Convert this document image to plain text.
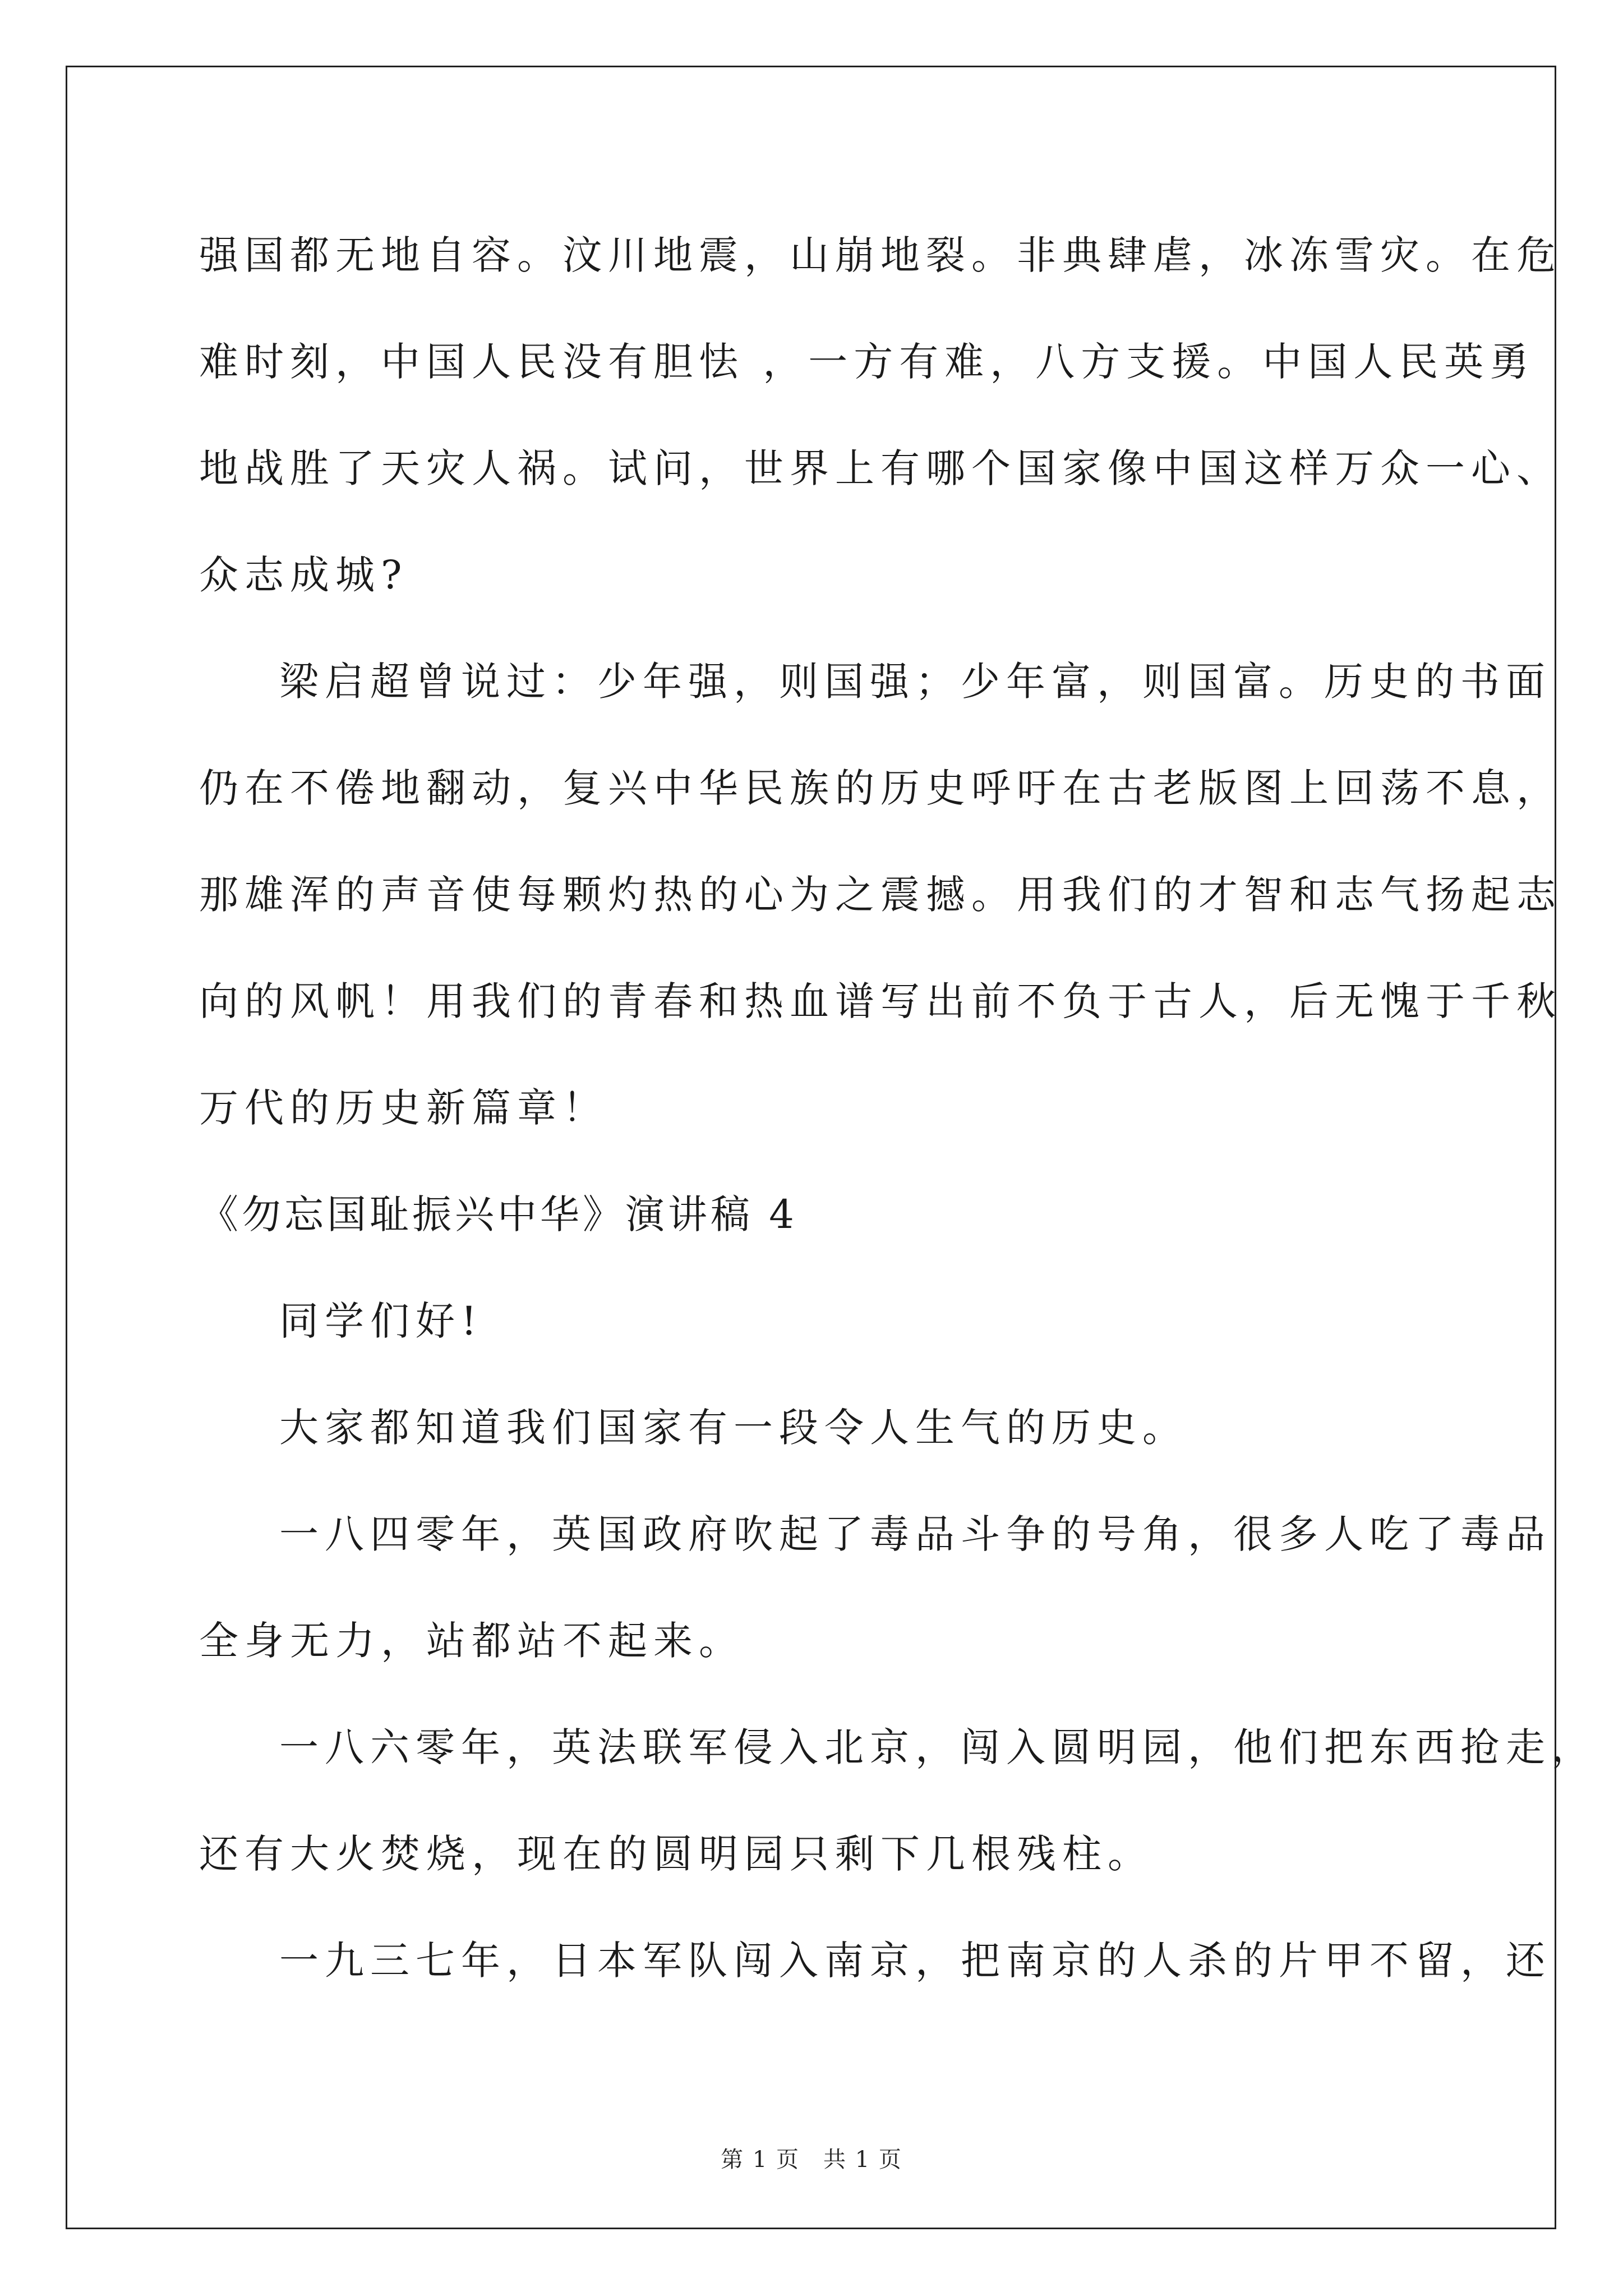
强国都无地自容。汶川地震，山崩地裂。非典肆虐，冰冻雪灾。在危
难时刻，中国人民没有胆怯 ，一方有难，八方支援。中国人民英勇
地战胜了天灾人祸。试问，世界上有哪个国家像中国这样万众一心、
众志成城?
梁启超曾说过：少年强，则国强；少年富，则国富。历史的书面
仍在不倦地翻动，复兴中华民族的历史呼吁在古老版图上回荡不息，
那雄浑的声音使每颗灼热的心为之震撼。用我们的才智和志气扬起志
向的风帆！用我们的青春和热血谱写出前不负于古人，后无愧于千秋
万代的历史新篇章！
《勿忘国耻振兴中华》演讲稿 4
同学们好!
大家都知道我们国家有一段令人生气的历史。
一八四零年，英国政府吹起了毒品斗争的号角，很多人吃了毒品
全身无力，站都站不起来。
一八六零年，英法联军侵入北京，闯入圆明园，他们把东西抢走，
还有大火焚烧，现在的圆明园只剩下几根残柱。
一九三七年，日本军队闯入南京，把南京的人杀的片甲不留，还
第 1 页　共 1 页
